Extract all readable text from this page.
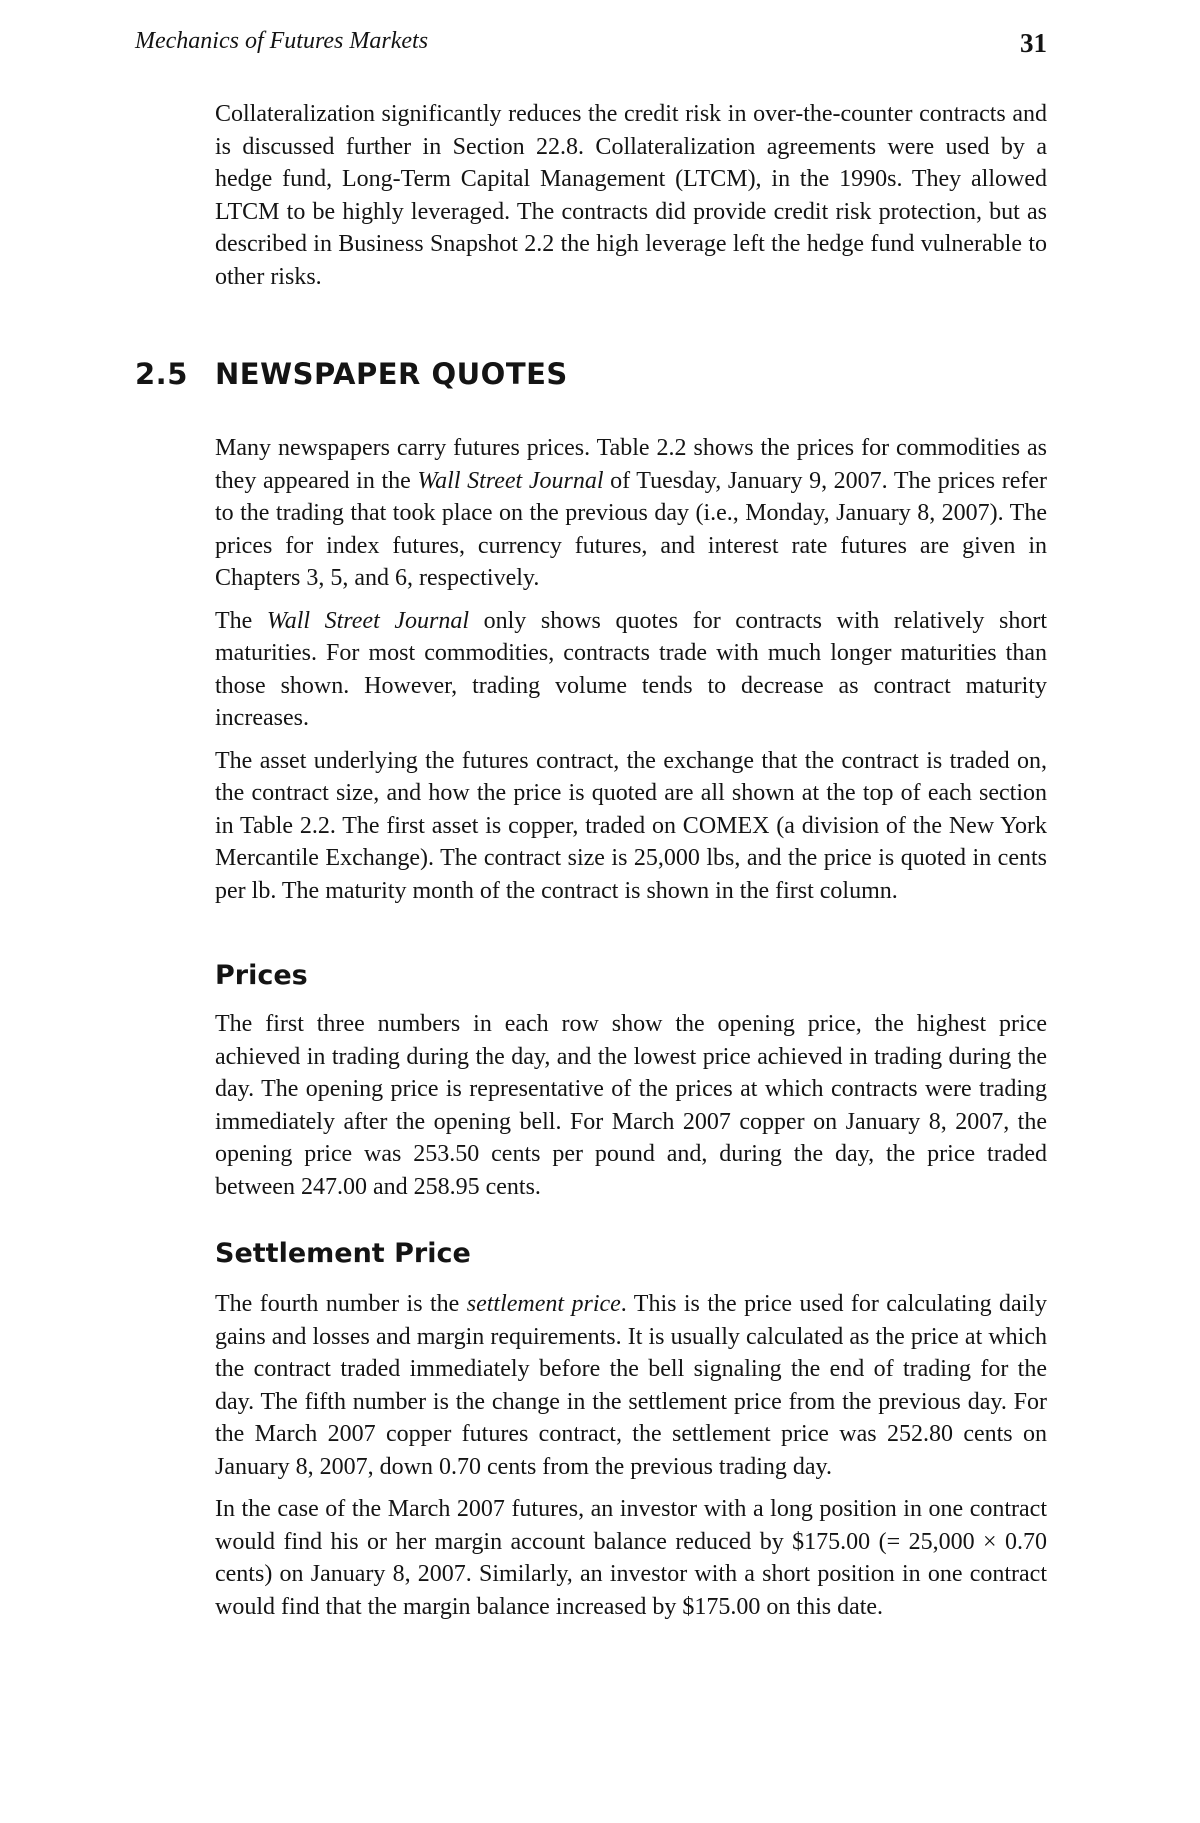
Mechanics of Futures Markets	31

Collateralization significantly reduces the credit risk in over-the-counter contracts and is discussed further in Section 22.8. Collateralization agreements were used by a hedge fund, Long-Term Capital Management (LTCM), in the 1990s. They allowed LTCM to be highly leveraged. The contracts did provide credit risk protection, but as described in Business Snapshot 2.2 the high leverage left the hedge fund vulnerable to other risks.

2.5 NEWSPAPER QUOTES

Many newspapers carry futures prices. Table 2.2 shows the prices for commodities as they appeared in the Wall Street Journal of Tuesday, January 9, 2007. The prices refer to the trading that took place on the previous day (i.e., Monday, January 8, 2007). The prices for index futures, currency futures, and interest rate futures are given in Chapters 3, 5, and 6, respectively.

The Wall Street Journal only shows quotes for contracts with relatively short maturities. For most commodities, contracts trade with much longer maturities than those shown. However, trading volume tends to decrease as contract maturity increases.

The asset underlying the futures contract, the exchange that the contract is traded on, the contract size, and how the price is quoted are all shown at the top of each section in Table 2.2. The first asset is copper, traded on COMEX (a division of the New York Mercantile Exchange). The contract size is 25,000 lbs, and the price is quoted in cents per lb. The maturity month of the contract is shown in the first column.

Prices

The first three numbers in each row show the opening price, the highest price achieved in trading during the day, and the lowest price achieved in trading during the day. The opening price is representative of the prices at which contracts were trading immediately after the opening bell. For March 2007 copper on January 8, 2007, the opening price was 253.50 cents per pound and, during the day, the price traded between 247.00 and 258.95 cents.

Settlement Price

The fourth number is the settlement price. This is the price used for calculating daily gains and losses and margin requirements. It is usually calculated as the price at which the contract traded immediately before the bell signaling the end of trading for the day. The fifth number is the change in the settlement price from the previous day. For the March 2007 copper futures contract, the settlement price was 252.80 cents on January 8, 2007, down 0.70 cents from the previous trading day.

In the case of the March 2007 futures, an investor with a long position in one contract would find his or her margin account balance reduced by $175.00 (= 25,000 × 0.70 cents) on January 8, 2007. Similarly, an investor with a short position in one contract would find that the margin balance increased by $175.00 on this date.
